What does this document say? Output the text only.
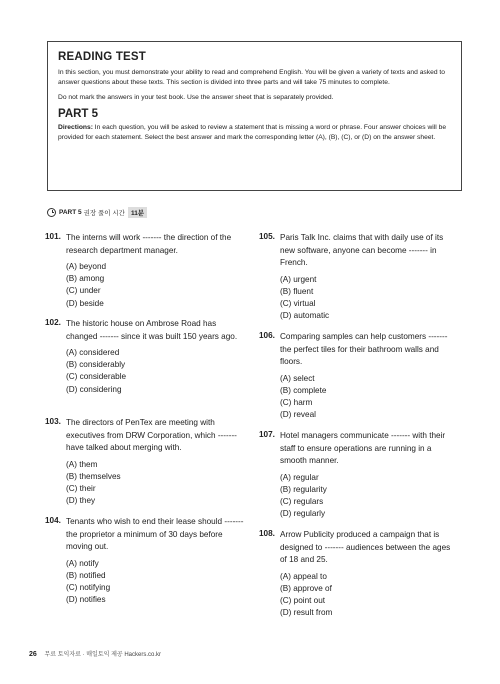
READING TEST
In this section, you must demonstrate your ability to read and comprehend English. You will be given a variety of texts and asked to answer questions about these texts. This section is divided into three parts and will take 75 minutes to complete.
Do not mark the answers in your test book. Use the answer sheet that is separately provided.
PART 5
Directions: In each question, you will be asked to review a statement that is missing a word or phrase. Four answer choices will be provided for each statement. Select the best answer and mark the corresponding letter (A), (B), (C), or (D) on the answer sheet.
PART 5 권장 풀이 시간 11분
101. The interns will work ------- the direction of the research department manager.
(A) beyond
(B) among
(C) under
(D) beside
102. The historic house on Ambrose Road has changed ------- since it was built 150 years ago.
(A) considered
(B) considerably
(C) considerable
(D) considering
103. The directors of PenTex are meeting with executives from DRW Corporation, which ------- have talked about merging with.
(A) them
(B) themselves
(C) their
(D) they
104. Tenants who wish to end their lease should ------- the proprietor a minimum of 30 days before moving out.
(A) notify
(B) notified
(C) notifying
(D) notifies
105. Paris Talk Inc. claims that with daily use of its new software, anyone can become ------- in French.
(A) urgent
(B) fluent
(C) virtual
(D) automatic
106. Comparing samples can help customers ------- the perfect tiles for their bathroom walls and floors.
(A) select
(B) complete
(C) harm
(D) reveal
107. Hotel managers communicate ------- with their staff to ensure operations are running in a smooth manner.
(A) regular
(B) regularity
(C) regulars
(D) regularly
108. Arrow Publicity produced a campaign that is designed to ------- audiences between the ages of 18 and 25.
(A) appeal to
(B) approve of
(C) point out
(D) result from
26 무료 토익자료 · 매일토익 제공 Hackers.co.kr
